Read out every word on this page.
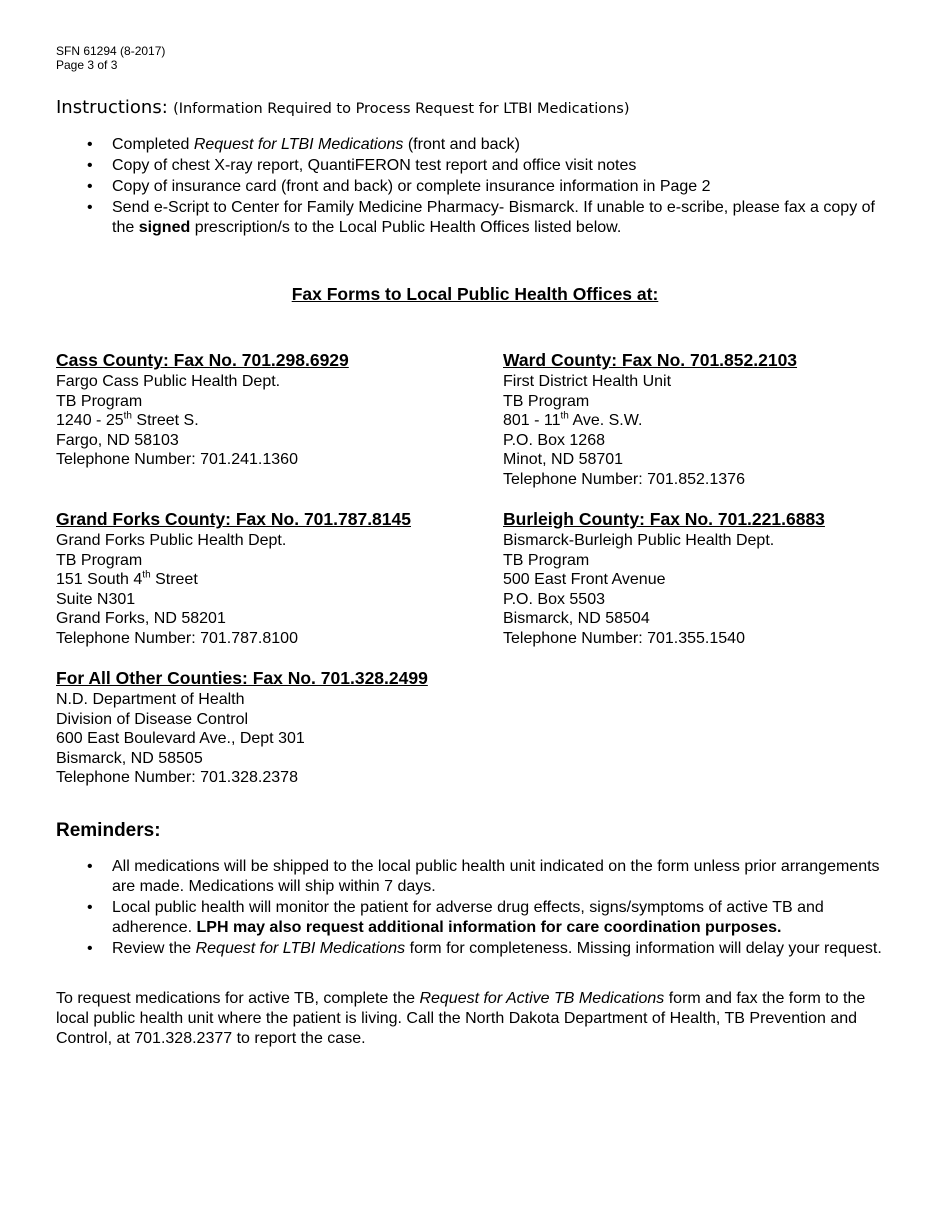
SFN 61294 (8-2017)
Page 3 of 3
Instructions: (Information Required to Process Request for LTBI Medications)
• Completed Request for LTBI Medications (front and back)
• Copy of chest X-ray report, QuantiFERON test report and office visit notes
• Copy of insurance card (front and back) or complete insurance information in Page 2
• Send e-Script to Center for Family Medicine Pharmacy- Bismarck. If unable to e-scribe, please fax a copy of the signed prescription/s to the Local Public Health Offices listed below.
Fax Forms to Local Public Health Offices at:
Cass County: Fax No. 701.298.6929
Fargo Cass Public Health Dept.
TB Program
1240 - 25th Street S.
Fargo, ND 58103
Telephone Number: 701.241.1360
Ward County: Fax No. 701.852.2103
First District Health Unit
TB Program
801 - 11th Ave. S.W.
P.O. Box 1268
Minot, ND 58701
Telephone Number: 701.852.1376
Grand Forks County: Fax No. 701.787.8145
Grand Forks Public Health Dept.
TB Program
151 South 4th Street
Suite N301
Grand Forks, ND 58201
Telephone Number: 701.787.8100
Burleigh County: Fax No. 701.221.6883
Bismarck-Burleigh Public Health Dept.
TB Program
500 East Front Avenue
P.O. Box 5503
Bismarck, ND 58504
Telephone Number: 701.355.1540
For All Other Counties: Fax No. 701.328.2499
N.D. Department of Health
Division of Disease Control
600 East Boulevard Ave., Dept 301
Bismarck, ND 58505
Telephone Number: 701.328.2378
Reminders:
• All medications will be shipped to the local public health unit indicated on the form unless prior arrangements are made. Medications will ship within 7 days.
• Local public health will monitor the patient for adverse drug effects, signs/symptoms of active TB and adherence. LPH may also request additional information for care coordination purposes.
• Review the Request for LTBI Medications form for completeness. Missing information will delay your request.
To request medications for active TB, complete the Request for Active TB Medications form and fax the form to the local public health unit where the patient is living. Call the North Dakota Department of Health, TB Prevention and Control, at 701.328.2377 to report the case.
